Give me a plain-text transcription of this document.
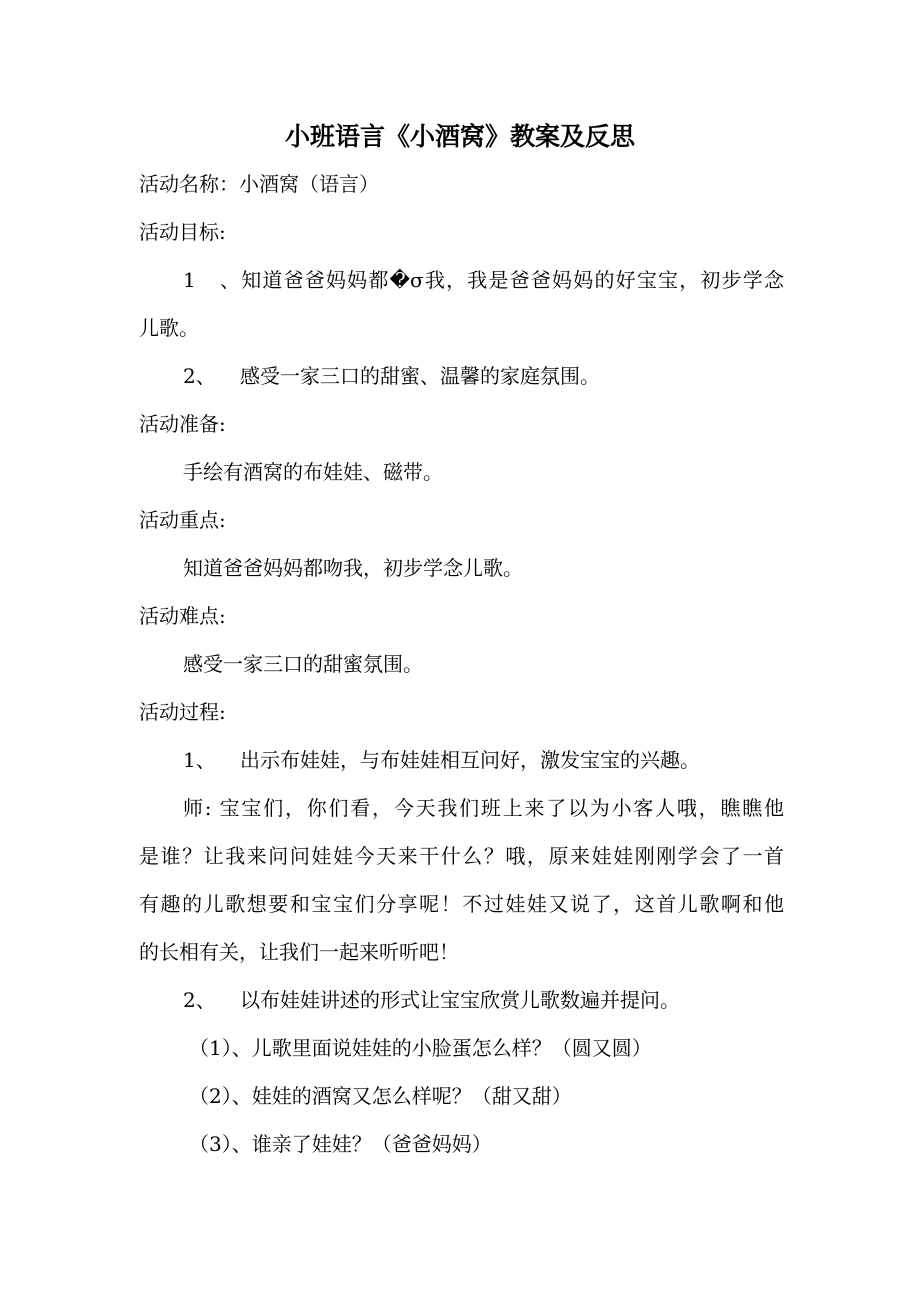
小班语言《小酒窝》教案及反思
活动名称：小酒窝（语言）
活动目标:
1、知道爸爸妈妈都�σ我，我是爸爸妈妈的好宝宝，初步学念
儿歌。
2、 感受一家三口的甜蜜、温馨的家庭氛围。
活动准备:
手绘有酒窝的布娃娃、磁带。
活动重点:
知道爸爸妈妈都吻我，初步学念儿歌。
活动难点:
感受一家三口的甜蜜氛围。
活动过程:
1、 出示布娃娃，与布娃娃相互问好，激发宝宝的兴趣。
师: 宝宝们，你们看，今天我们班上来了以为小客人哦，瞧瞧他
是谁？让我来问问娃娃今天来干什么？哦，原来娃娃刚刚学会了一首
有趣的儿歌想要和宝宝们分享呢！不过娃娃又说了，这首儿歌啊和他
的长相有关，让我们一起来听听吧！
2、 以布娃娃讲述的形式让宝宝欣赏儿歌数遍并提问。
（1）、儿歌里面说娃娃的小脸蛋怎么样？（圆又圆）
（2）、娃娃的酒窝又怎么样呢？（甜又甜）
（3）、谁亲了娃娃？（爸爸妈妈）
